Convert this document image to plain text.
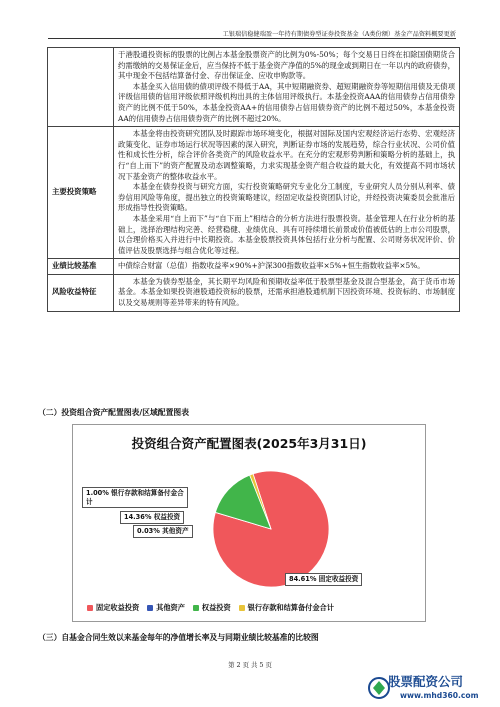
工银瑞信稳健瑞盈一年持有期债券型证券投资基金（A类份额）基金产品资料概要更新

	于港股通投资标的股票的比例占本基金股票资产的比例为0%-50%；每个交易日日终在扣除国债期货合约需缴纳的交易保证金后，应当保持不低于基金资产净值的5%的现金或到期日在一年以内的政府债券，其中现金不包括结算备付金、存出保证金、应收申购款等。

本基金买入信用债的债项评级不得低于AA，其中短期融资券、超短期融资券等短期信用债及无债项评级信用债的信用评级依照评级机构出具的主体信用评级执行。本基金投资AAA的信用债券占信用债券资产的比例不低于50%，本基金投资AA+的信用债券占信用债券资产的比例不超过50%，本基金投资AA的信用债券占信用债券资产的比例不超过20%。

主要投资策略	本基金将由投资研究团队及时跟踪市场环境变化，根据对国际及国内宏观经济运行态势、宏观经济政策变化、证券市场运行状况等因素的深入研究，判断证券市场的发展趋势，综合行业状况、公司价值性和成长性分析，综合评价各类资产的风险收益水平。在充分的宏观形势判断和策略分析的基础上，执行“自上而下”的资产配置及动态调整策略，力求实现基金资产组合收益的最大化，有效提高不同市场状况下基金资产的整体收益水平。

本基金在债券投资与研究方面，实行投资策略研究专业化分工制度，专业研究人员分别从利率、债券信用风险等角度，提出独立的投资策略建议，经固定收益投资团队讨论，并经投资决策委员会批准后形成指导性投资策略。

本基金采用“自上而下”与“自下而上”相结合的分析方法进行股票投资。基金管理人在行业分析的基础上，选择治理结构完善、经营稳健、业绩优良、具有可持续增长前景或价值被低估的上市公司股票，以合理价格买入并进行中长期投资。本基金股票投资具体包括行业分析与配置、公司财务状况评价、价值评估及股票选择与组合优化等过程。

业绩比较基准	中债综合财富（总值）指数收益率×90%+沪深300指数收益率×5%+恒生指数收益率×5%。

风险收益特征	本基金为债券型基金，其长期平均风险和预期收益率低于股票型基金及混合型基金，高于货币市场基金。本基金如果投资港股通投资标的股票，还需承担港股通机制下因投资环境、投资标的、市场制度以及交易规则等差异带来的特有风险。

（二）投资组合资产配置图表/区域配置图表
投资组合资产配置图表(2025年3月31日)
1.00% 银行存款和结算备付金合计
14.36% 权益投资
0.03% 其他资产
84.61% 固定收益投资
固定收益投资 其他资产 权益投资 银行存款和结算备付金合计
（三）自基金合同生效以来基金每年的净值增长率及与同期业绩比较基准的比较图
第 2 页 共 5 页
股票配资公司
www.mhd360.com
